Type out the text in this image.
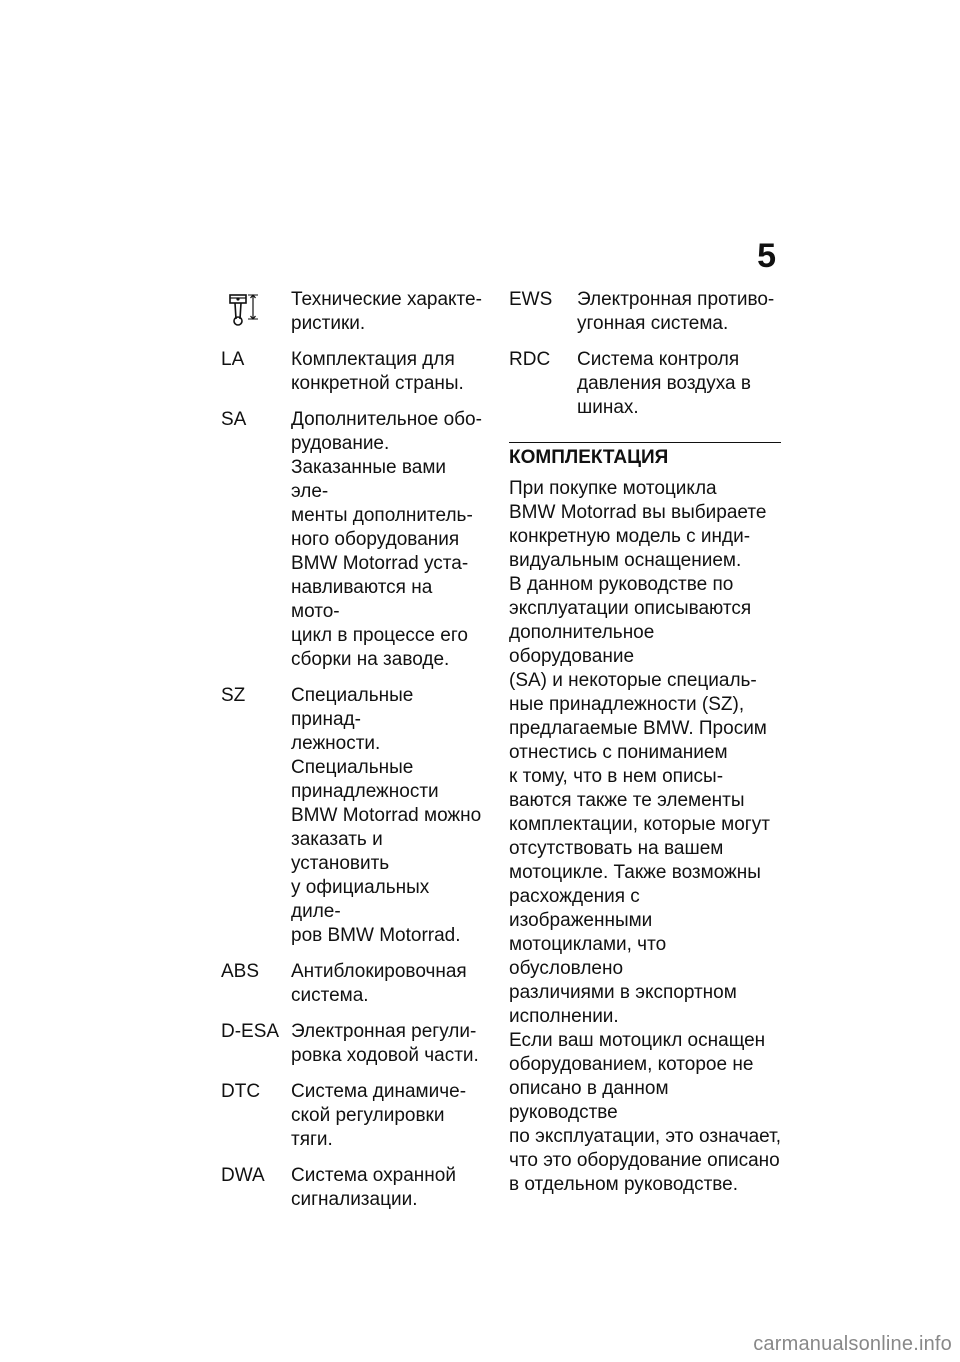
5
Технические характе-
ристики.
LA	Комплектация для
конкретной страны.
SA	Дополнительное обо-
рудование.
Заказанные вами эле-
менты дополнитель-
ного оборудования
BMW Motorrad уста-
навливаются на мото-
цикл в процессе его
сборки на заводе.
SZ	Специальные принад-
лежности.
Специальные
принадлежности
BMW Motorrad можно
заказать и установить
у официальных диле-
ров BMW Motorrad.
ABS	Антиблокировочная
система.
D-ESA Электронная регули-
ровка ходовой части.
DTC	Система динамиче-
ской регулировки
тяги.
DWA	Система охранной
сигнализации.
EWS	Электронная противо-
угонная система.
RDC	Система контроля
давления воздуха в
шинах.
КОМПЛЕКТАЦИЯ
При покупке мотоцикла
BMW Motorrad вы выбираете
конкретную модель с инди-
видуальным оснащением.
В данном руководстве по
эксплуатации описываются
дополнительное оборудование
(SA) и некоторые специаль-
ные принадлежности (SZ),
предлагаемые BMW. Просим
отнестись с пониманием
к тому, что в нем описы-
ваются также те элементы
комплектации, которые могут
отсутствовать на вашем
мотоцикле. Также возможны
расхождения с изображенными
мотоциклами, что обусловлено
различиями в экспортном
исполнении.
Если ваш мотоцикл оснащен
оборудованием, которое не
описано в данном руководстве
по эксплуатации, это означает,
что это оборудование описано
в отдельном руководстве.
carmanualsonline.info
